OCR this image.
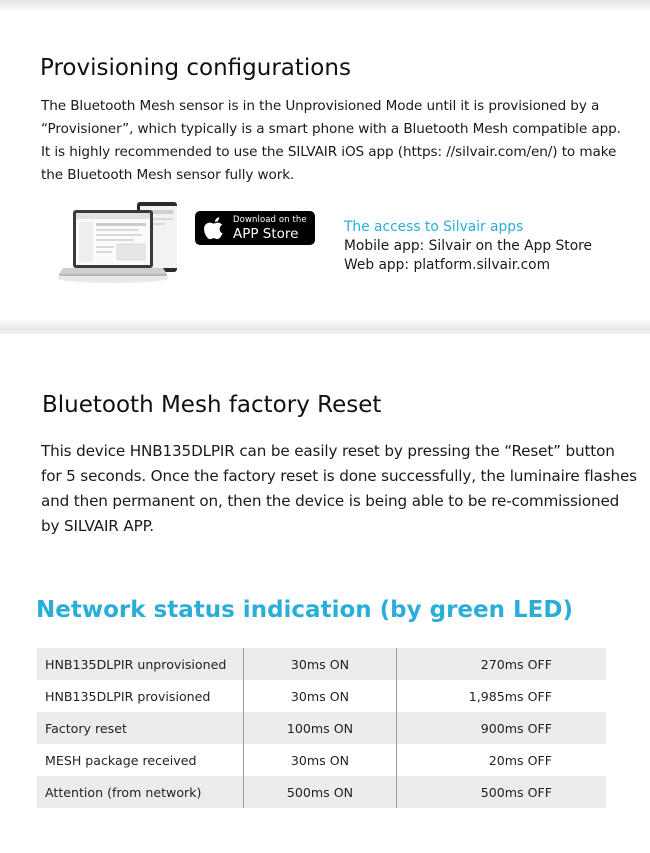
Provisioning configurations

The Bluetooth Mesh sensor is in the Unprovisioned Mode until it is provisioned by a
“Provisioner”, which typically is a smart phone with a Bluetooth Mesh compatible app.
It is highly recommended to use the SILVAIR iOS app (https: //silvair.com/en/) to make
the Bluetooth Mesh sensor fully work.

Download on the
APP Store	The access to Silvair apps
Mobile app: Silvair on the App Store
Web app: platform.silvair.com
Bluetooth Mesh factory Reset

This device HNB135DLPIR can be easily reset by pressing the “Reset” button
for 5 seconds. Once the factory reset is done successfully, the luminaire flashes
and then permanent on, then the device is being able to be re-commissioned
by SILVAIR APP.

Network status indication (by green LED)
HNB135DLPIR unprovisioned	30ms ON	270ms OFF
HNB135DLPIR provisioned	30ms ON	1,985ms OFF
Factory reset	100ms ON	900ms OFF
MESH package received	30ms ON	20ms OFF
Attention (from network)	500ms ON	500ms OFF
